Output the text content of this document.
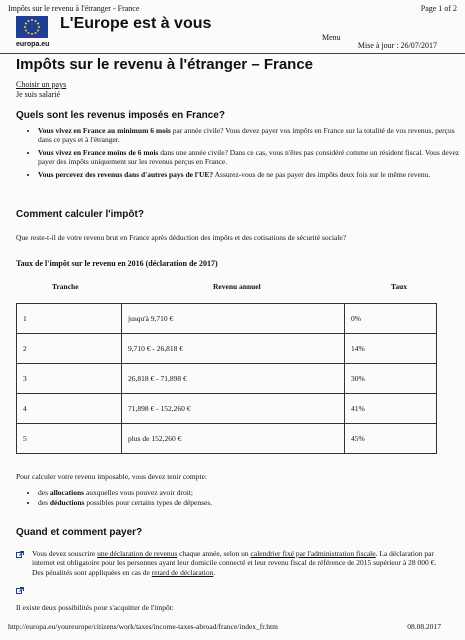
Impôts sur le revenu à l'étranger - France	Page 1 of 2
L'Europe est à vous
europa.eu
Menu
Mise à jour : 26/07/2017
Impôts sur le revenu à l'étranger – France
Choisir un pays
Je suis salarié
Quels sont les revenus imposés en France?
• Vous vivez en France au minimum 6 mois par année civile? Vous devez payer vos impôts en France sur la totalité de vos revenus, perçus dans ce pays et à l'étranger.
• Vous vivez en France moins de 6 mois dans une année civile? Dans ce cas, vous n'êtes pas considéré comme un résident fiscal. Vous devez payer des impôts uniquement sur les revenus perçus en France.
• Vous percevez des revenus dans d'autres pays de l'UE? Assurez-vous de ne pas payer des impôts deux fois sur le même revenu.
Comment calculer l'impôt?
Que reste-t-il de votre revenu brut en France après déduction des impôts et des cotisations de sécurité sociale?
Taux de l'impôt sur le revenu en 2016 (déclaration de 2017)
Tranche	Revenu annuel	Taux
1	jusqu'à 9,710 €	0%
2	9,710 € - 26,818 €	14%
3	26,818 € - 71,898 €	30%
4	71,898 € - 152,260 €	41%
5	plus de 152,260 €	45%
Pour calculer votre revenu imposable, vous devez tenir compte:
• des allocations auxquelles vous pouvez avoir droit;
• des déductions possibles pour certains types de dépenses.
Quand et comment payer?
Vous devez souscrire une déclaration de revenus chaque année, selon un calendrier fixé par l'administration fiscale. La déclaration par internet est obligatoire pour les personnes ayant leur domicile connecté et leur revenu fiscal de référence de 2015 supérieur à 28 000 €. Des pénalités sont appliquées en cas de retard de déclaration.
Il existe deux possibilités pour s'acquitter de l'impôt:
http://europa.eu/youreurope/citizens/work/taxes/income-taxes-abroad/france/index_fr.htm	08.08.2017
